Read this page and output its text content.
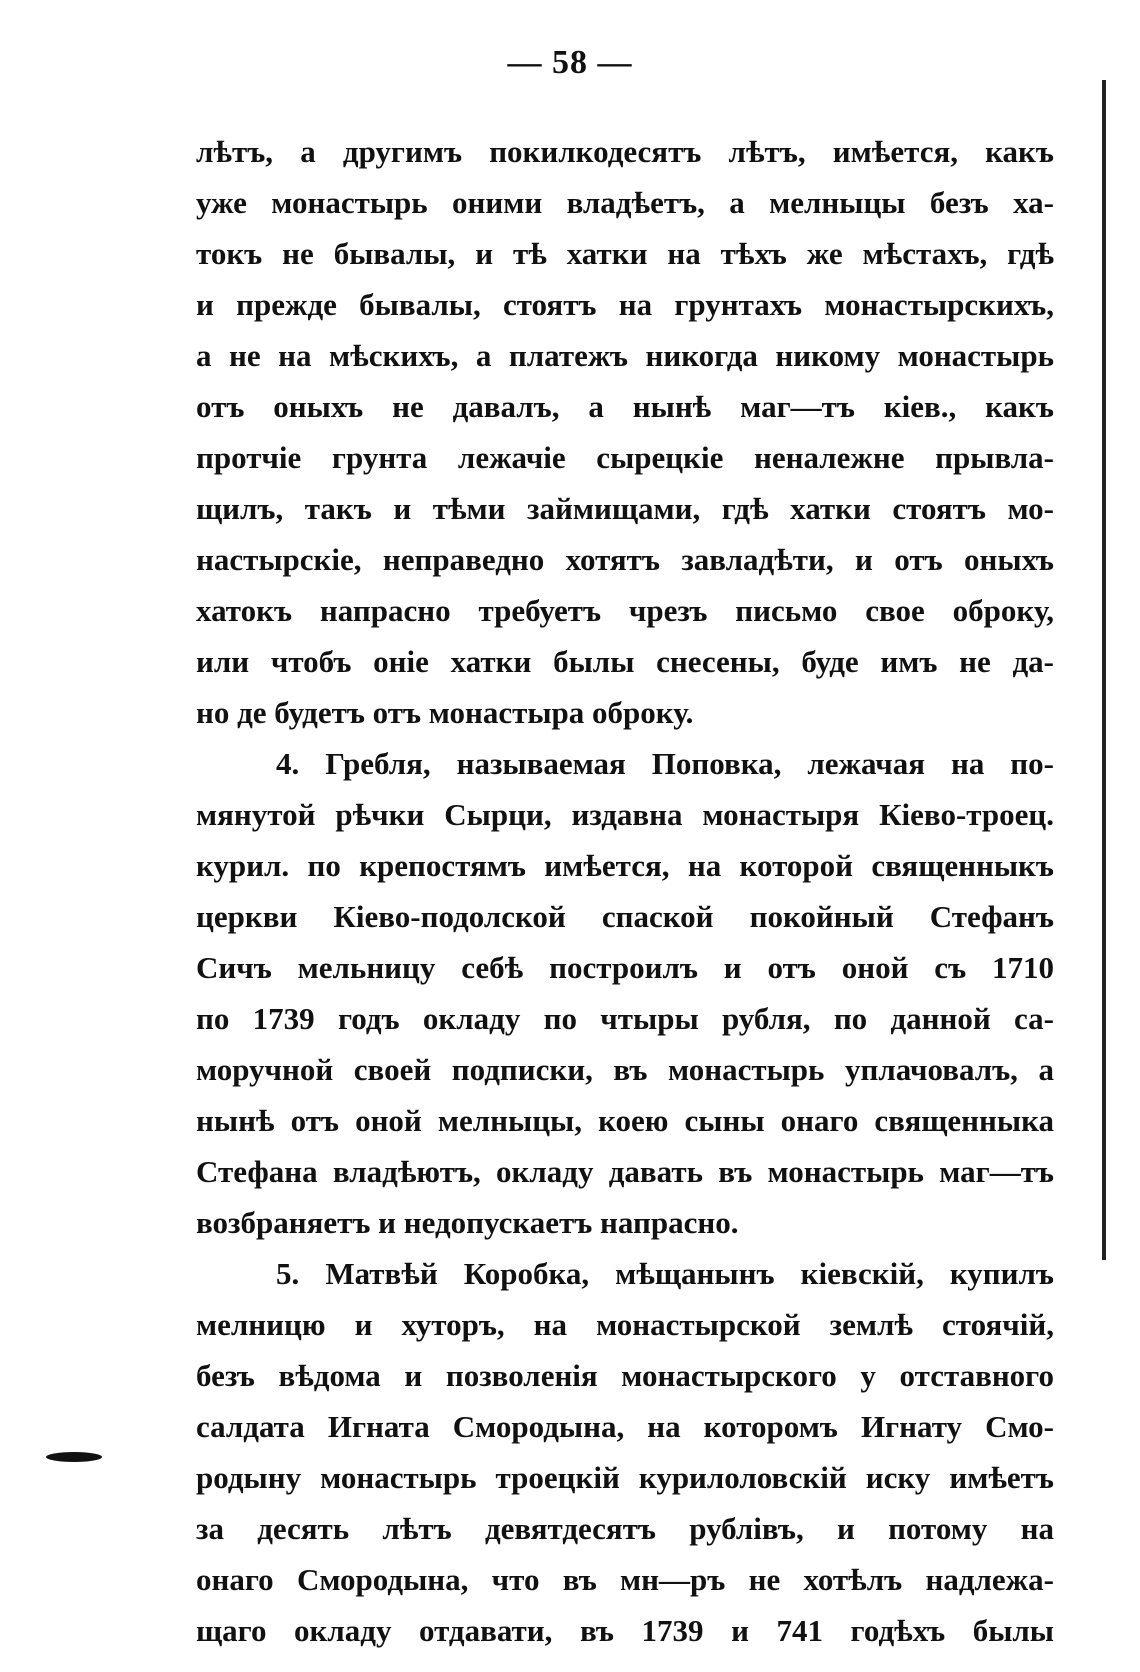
— 58 —
лѣтъ, а другимъ покилкодесятъ лѣтъ, имѣется, какъ
уже монастырь оними владѣетъ, а мелныцы безъ ха-
токъ не бывалы, и тѣ хатки на тѣхъ же мѣстахъ, гдѣ
и прежде бывалы, стоятъ на грунтахъ монастырскихъ,
а не на мѣскихъ, а платежъ никогда никому монастырь
отъ оныхъ не давалъ, а нынѣ маг—тъ кіев., какъ
протчіе грунта лежачіе сырецкіе неналежне прывла-
щилъ, такъ и тѣми займищами, гдѣ хатки стоятъ мо-
настырскіе, неправедно хотятъ завладѣти, и отъ оныхъ
хатокъ напрасно требуетъ чрезъ письмо свое оброку,
или чтобъ оніе хатки былы снесены, буде имъ не да-
но де будетъ отъ монастыра оброку.
4. Гребля, называемая Поповка, лежачая на по-
мянутой рѣчки Сырци, издавна монастыря Кіево-троец.
курил. по крепостямъ имѣется, на которой священныкъ
церкви Кіево-подолской спаской покойный Стефанъ
Сичъ мельницу себѣ построилъ и отъ оной съ 1710
по 1739 годъ окладу по чтыры рубля, по данной са-
моручной своей подписки, въ монастырь уплачовалъ, а
нынѣ отъ оной мелныцы, коею сыны онаго священныка
Стефана владѣютъ, окладу давать въ монастырь маг—тъ
возбраняетъ и недопускаетъ напрасно.
5. Матвѣй Коробка, мѣщанынъ кіевскій, купилъ
мелницю и хуторъ, на монастырской землѣ стоячій,
безъ вѣдома и позволенія монастырского у отставного
салдата Игната Смородына, на которомъ Игнату Смо-
родыну монастырь троецкій курилоловскій иску имѣетъ
за десять лѣтъ девятдесятъ рублівъ, и потому на
онаго Смородына, что въ мн—ръ не хотѣлъ надлежа-
щаго окладу отдавати, въ 1739 и 741 годѣхъ былы
